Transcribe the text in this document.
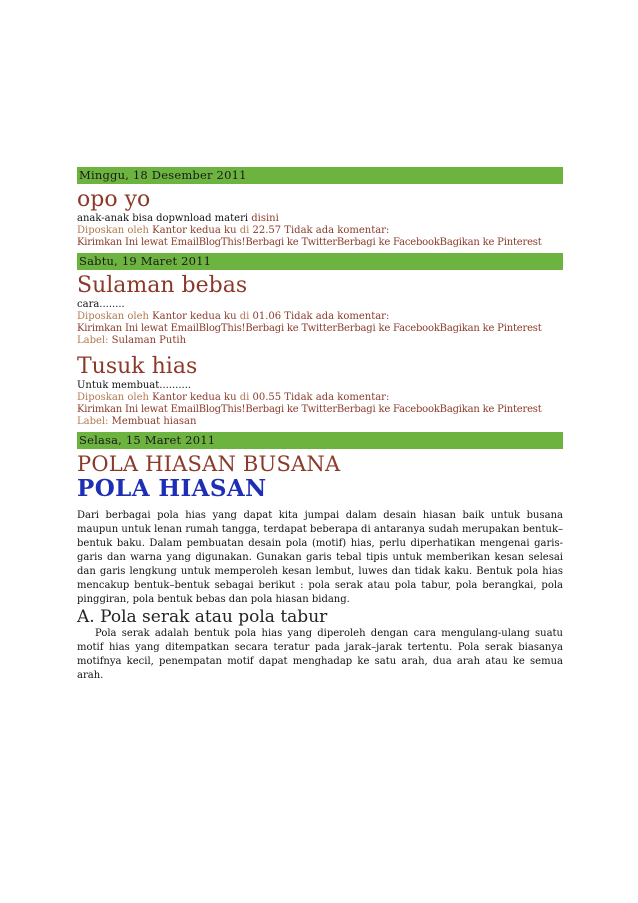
Minggu, 18 Desember 2011
opo yo
anak-anak bisa dopwnload materi disini
Diposkan oleh Kantor kedua ku di 22.57 Tidak ada komentar:
Kirimkan Ini lewat EmailBlogThis!Berbagi ke TwitterBerbagi ke FacebookBagikan ke Pinterest
Sabtu, 19 Maret 2011
Sulaman bebas
cara........
Diposkan oleh Kantor kedua ku di 01.06 Tidak ada komentar:
Kirimkan Ini lewat EmailBlogThis!Berbagi ke TwitterBerbagi ke FacebookBagikan ke Pinterest
Label: Sulaman Putih
Tusuk hias
Untuk membuat..........
Diposkan oleh Kantor kedua ku di 00.55 Tidak ada komentar:
Kirimkan Ini lewat EmailBlogThis!Berbagi ke TwitterBerbagi ke FacebookBagikan ke Pinterest
Label: Membuat hiasan
Selasa, 15 Maret 2011
POLA HIASAN BUSANA
POLA HIASAN
Dari berbagai pola hias yang dapat kita jumpai dalam desain hiasan baik untuk busana maupun untuk lenan rumah tangga, terdapat beberapa di antaranya sudah merupakan bentuk–bentuk baku. Dalam pembuatan desain pola (motif) hias, perlu diperhatikan mengenai garis-garis dan warna yang digunakan. Gunakan garis tebal tipis untuk memberikan kesan selesai dan garis lengkung untuk memperoleh kesan lembut, luwes dan tidak kaku. Bentuk pola hias mencakup bentuk–bentuk sebagai berikut : pola serak atau pola tabur, pola berangkai, pola pinggiran, pola bentuk bebas dan pola hiasan bidang.
A. Pola serak atau pola tabur
Pola serak adalah bentuk pola hias yang diperoleh dengan cara mengulang-ulang suatu motif hias yang ditempatkan secara teratur pada jarak–jarak tertentu. Pola serak biasanya motifnya kecil, penempatan motif dapat menghadap ke satu arah, dua arah atau ke semua arah.
